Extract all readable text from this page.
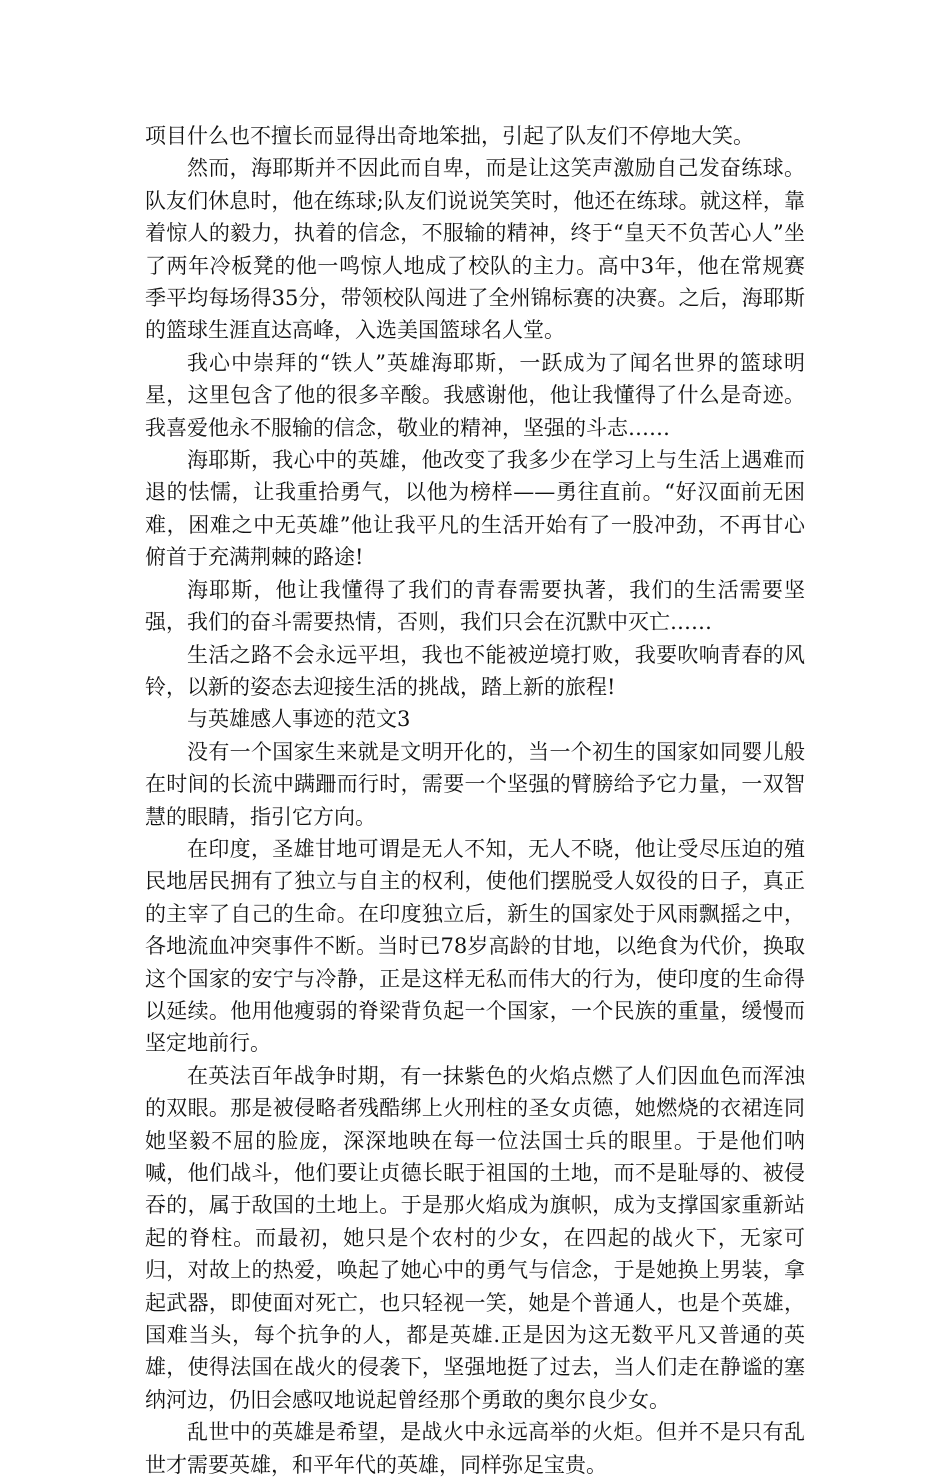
项目什么也不擅长而显得出奇地笨拙，引起了队友们不停地大笑。

然而，海耶斯并不因此而自卑，而是让这笑声激励自己发奋练球。队友们休息时，他在练球;队友们说说笑笑时，他还在练球。就这样，靠着惊人的毅力，执着的信念，不服输的精神，终于“皇天不负苦心人”坐了两年冷板凳的他一鸣惊人地成了校队的主力。高中3年，他在常规赛季平均每场得35分，带领校队闯进了全州锦标赛的决赛。之后，海耶斯的篮球生涯直达高峰，入选美国篮球名人堂。

我心中崇拜的“铁人”英雄海耶斯，一跃成为了闻名世界的篮球明星，这里包含了他的很多辛酸。我感谢他，他让我懂得了什么是奇迹。我喜爱他永不服输的信念，敬业的精神，坚强的斗志……

海耶斯，我心中的英雄，他改变了我多少在学习上与生活上遇难而退的怯懦，让我重拾勇气，以他为榜样——勇往直前。“好汉面前无困难，困难之中无英雄”他让我平凡的生活开始有了一股冲劲，不再甘心俯首于充满荆棘的路途!

海耶斯，他让我懂得了我们的青春需要执著，我们的生活需要坚强，我们的奋斗需要热情，否则，我们只会在沉默中灭亡……

生活之路不会永远平坦，我也不能被逆境打败，我要吹响青春的风铃，以新的姿态去迎接生活的挑战，踏上新的旅程!

与英雄感人事迹的范文3

没有一个国家生来就是文明开化的，当一个初生的国家如同婴儿般在时间的长流中蹒跚而行时，需要一个坚强的臂膀给予它力量，一双智慧的眼睛，指引它方向。

在印度，圣雄甘地可谓是无人不知，无人不晓，他让受尽压迫的殖民地居民拥有了独立与自主的权利，使他们摆脱受人奴役的日子，真正的主宰了自己的生命。在印度独立后，新生的国家处于风雨飘摇之中，各地流血冲突事件不断。当时已78岁高龄的甘地，以绝食为代价，换取这个国家的安宁与冷静，正是这样无私而伟大的行为，使印度的生命得以延续。他用他瘦弱的脊梁背负起一个国家，一个民族的重量，缓慢而坚定地前行。

在英法百年战争时期，有一抹紫色的火焰点燃了人们因血色而浑浊的双眼。那是被侵略者残酷绑上火刑柱的圣女贞德，她燃烧的衣裙连同她坚毅不屈的脸庞，深深地映在每一位法国士兵的眼里。于是他们呐喊，他们战斗，他们要让贞德长眠于祖国的土地，而不是耻辱的、被侵吞的，属于敌国的土地上。于是那火焰成为旗帜，成为支撑国家重新站起的脊柱。而最初，她只是个农村的少女，在四起的战火下，无家可归，对故上的热爱，唤起了她心中的勇气与信念，于是她换上男装，拿起武器，即使面对死亡，也只轻视一笑，她是个普通人，也是个英雄，国难当头，每个抗争的人，都是英雄.正是因为这无数平凡又普通的英雄，使得法国在战火的侵袭下，坚强地挺了过去，当人们走在静谧的塞纳河边，仍旧会感叹地说起曾经那个勇敢的奥尔良少女。

乱世中的英雄是希望，是战火中永远高举的火炬。但并不是只有乱世才需要英雄，和平年代的英雄，同样弥足宝贵。
